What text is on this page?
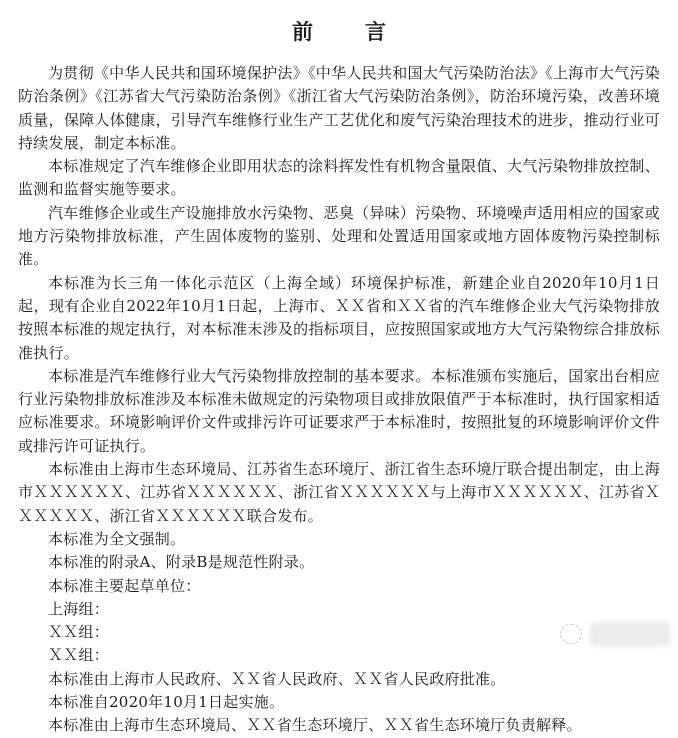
前言

为贯彻《中华人民共和国环境保护法》《中华人民共和国大气污染防治法》《上海市大气污染防治条例》《江苏省大气污染防治条例》《浙江省大气污染防治条例》，防治环境污染，改善环境质量，保障人体健康，引导汽车维修行业生产工艺优化和废气污染治理技术的进步，推动行业可持续发展，制定本标准。

本标准规定了汽车维修企业即用状态的涂料挥发性有机物含量限值、大气污染物排放控制、监测和监督实施等要求。

汽车维修企业或生产设施排放水污染物、恶臭（异味）污染物、环境噪声适用相应的国家或地方污染物排放标准，产生固体废物的鉴别、处理和处置适用国家或地方固体废物污染控制标准。

本标准为长三角一体化示范区（上海全域）环境保护标准，新建企业自2020年10月1日起，现有企业自2022年10月1日起，上海市、ＸＸ省和ＸＸ省的汽车维修企业大气污染物排放按照本标准的规定执行，对本标准未涉及的指标项目，应按照国家或地方大气污染物综合排放标准执行。

本标准是汽车维修行业大气污染物排放控制的基本要求。本标准颁布实施后，国家出台相应行业污染物排放标准涉及本标准未做规定的污染物项目或排放限值严于本标准时，执行国家相适应标准要求。环境影响评价文件或排污许可证要求严于本标准时，按照批复的环境影响评价文件或排污许可证执行。

本标准由上海市生态环境局、江苏省生态环境厅、浙江省生态环境厅联合提出制定，由上海市ＸＸＸＸＸＸ、江苏省ＸＸＸＸＸＸ、浙江省ＸＸＸＸＸＸ与上海市ＸＸＸＸＸＸ、江苏省ＸＸＸＸＸＸ、浙江省ＸＸＸＸＸＸ联合发布。

本标准为全文强制。

本标准的附录A、附录B是规范性附录。

本标准主要起草单位：

上海组：

ＸＸ组：

ＸＸ组：

本标准由上海市人民政府、ＸＸ省人民政府、ＸＸ省人民政府批准。

本标准自2020年10月1日起实施。

本标准由上海市生态环境局、ＸＸ省生态环境厅、ＸＸ省生态环境厅负责解释。
